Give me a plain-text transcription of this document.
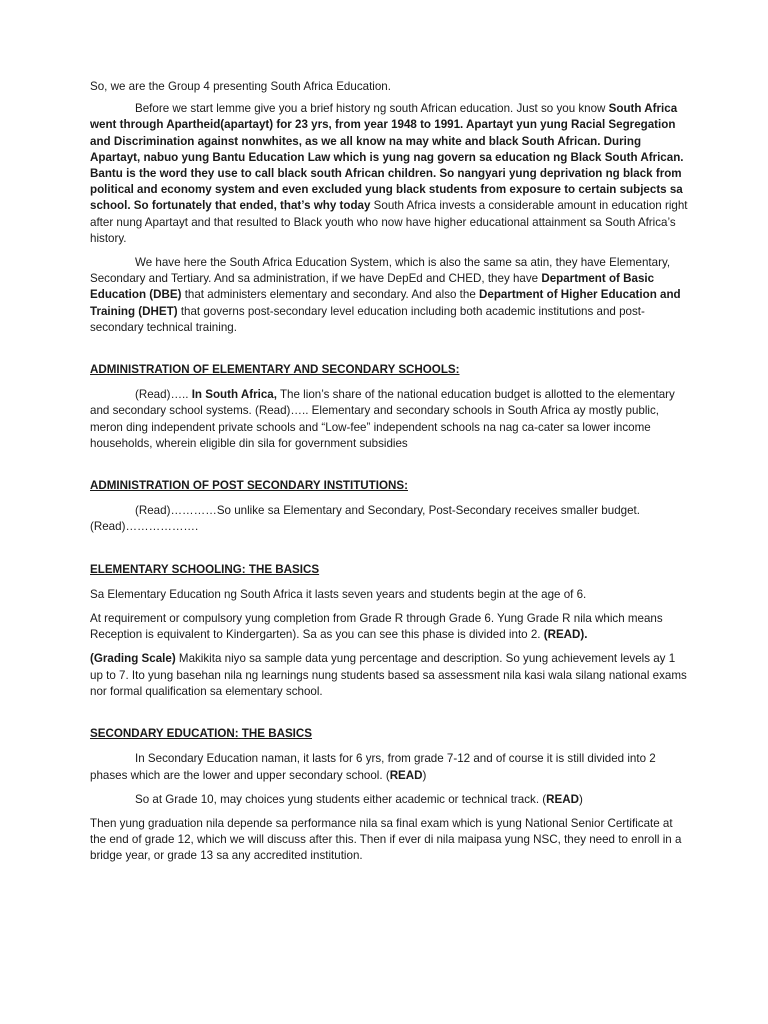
So, we are the Group 4 presenting South Africa Education.

Before we start lemme give you a brief history ng south African education. Just so you know South Africa went through Apartheid(apartayt) for 23 yrs, from year 1948 to 1991. Apartayt yun yung Racial Segregation and Discrimination against nonwhites, as we all know na may white and black South African. During Apartayt, nabuo yung Bantu Education Law which is yung nag govern sa education ng Black South African. Bantu is the word they use to call black south African children. So nangyari yung deprivation ng black from political and economy system and even excluded yung black students from exposure to certain subjects sa school. So fortunately that ended, that’s why today South Africa invests a considerable amount in education right after nung Apartayt and that resulted to Black youth who now have higher educational attainment sa South Africa’s history.

We have here the South Africa Education System, which is also the same sa atin, they have Elementary, Secondary and Tertiary. And sa administration, if we have DepEd and CHED, they have Department of Basic Education (DBE) that administers elementary and secondary. And also the Department of Higher Education and Training (DHET) that governs post-secondary level education including both academic institutions and post-secondary technical training.

ADMINISTRATION OF ELEMENTARY AND SECONDARY SCHOOLS:

(Read)….. In South Africa, The lion’s share of the national education budget is allotted to the elementary and secondary school systems. (Read)….. Elementary and secondary schools in South Africa ay mostly public, meron ding independent private schools and “Low-fee” independent schools na nag ca-cater sa lower income households, wherein eligible din sila for government subsidies

ADMINISTRATION OF POST SECONDARY INSTITUTIONS:

(Read)…………So unlike sa Elementary and Secondary, Post-Secondary receives smaller budget. (Read)……………….

ELEMENTARY SCHOOLING: THE BASICS

Sa Elementary Education ng South Africa it lasts seven years and students begin at the age of 6.

At requirement or compulsory yung completion from Grade R through Grade 6. Yung Grade R nila which means Reception is equivalent to Kindergarten). Sa as you can see this phase is divided into 2. (READ).

(Grading Scale) Makikita niyo sa sample data yung percentage and description. So yung achievement levels ay 1 up to 7. Ito yung basehan nila ng learnings nung students based sa assessment nila kasi wala silang national exams nor formal qualification sa elementary school.

SECONDARY EDUCATION: THE BASICS

In Secondary Education naman, it lasts for 6 yrs, from grade 7-12 and of course it is still divided into 2 phases which are the lower and upper secondary school. (READ)

So at Grade 10, may choices yung students either academic or technical track. (READ)

Then yung graduation nila depende sa performance nila sa final exam which is yung National Senior Certificate at the end of grade 12, which we will discuss after this. Then if ever di nila maipasa yung NSC, they need to enroll in a bridge year, or grade 13 sa any accredited institution.
